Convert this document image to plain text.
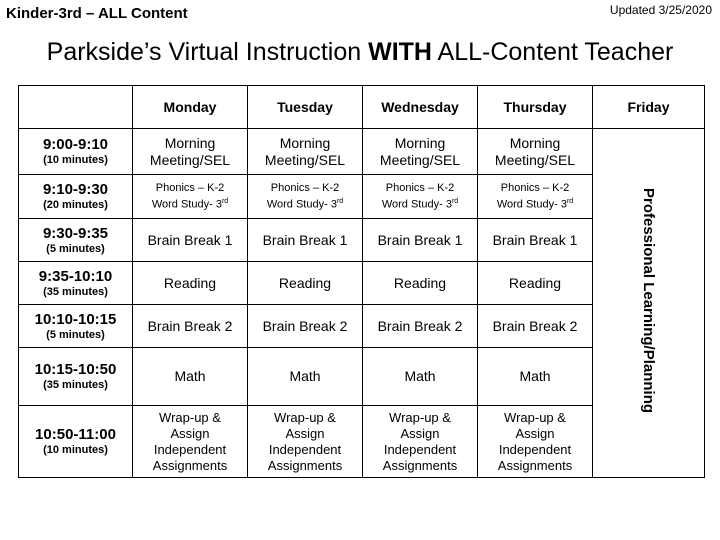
Kinder-3rd – ALL Content	Updated 3/25/2020
Parkside’s Virtual Instruction WITH ALL-Content Teacher
	Monday	Tuesday	Wednesday	Thursday	Friday

9:00-9:10
(10 minutes)	Morning
Meeting/SEL	Morning
Meeting/SEL	Morning
Meeting/SEL	Morning
Meeting/SEL	Professional Learning/Planning

9:10-9:30
(20 minutes)	Phonics – K-2
Word Study- 3rd	Phonics – K-2
Word Study- 3rd	Phonics – K-2
Word Study- 3rd	Phonics – K-2
Word Study- 3rd

9:30-9:35
(5 minutes)	Brain Break 1	Brain Break 1	Brain Break 1	Brain Break 1	

9:35-10:10
(35 minutes)	Reading	Reading	Reading	Reading	

10:10-10:15
(5 minutes)	Brain Break 2	Brain Break 2	Brain Break 2	Brain Break 2	

10:15-10:50
(35 minutes)	Math	Math	Math	Math	

10:50-11:00
(10 minutes)	Wrap-up &
Assign
Independent
Assignments	Wrap-up &
Assign
Independent
Assignments	Wrap-up &
Assign
Independent
Assignments	Wrap-up &
Assign
Independent
Assignments	
